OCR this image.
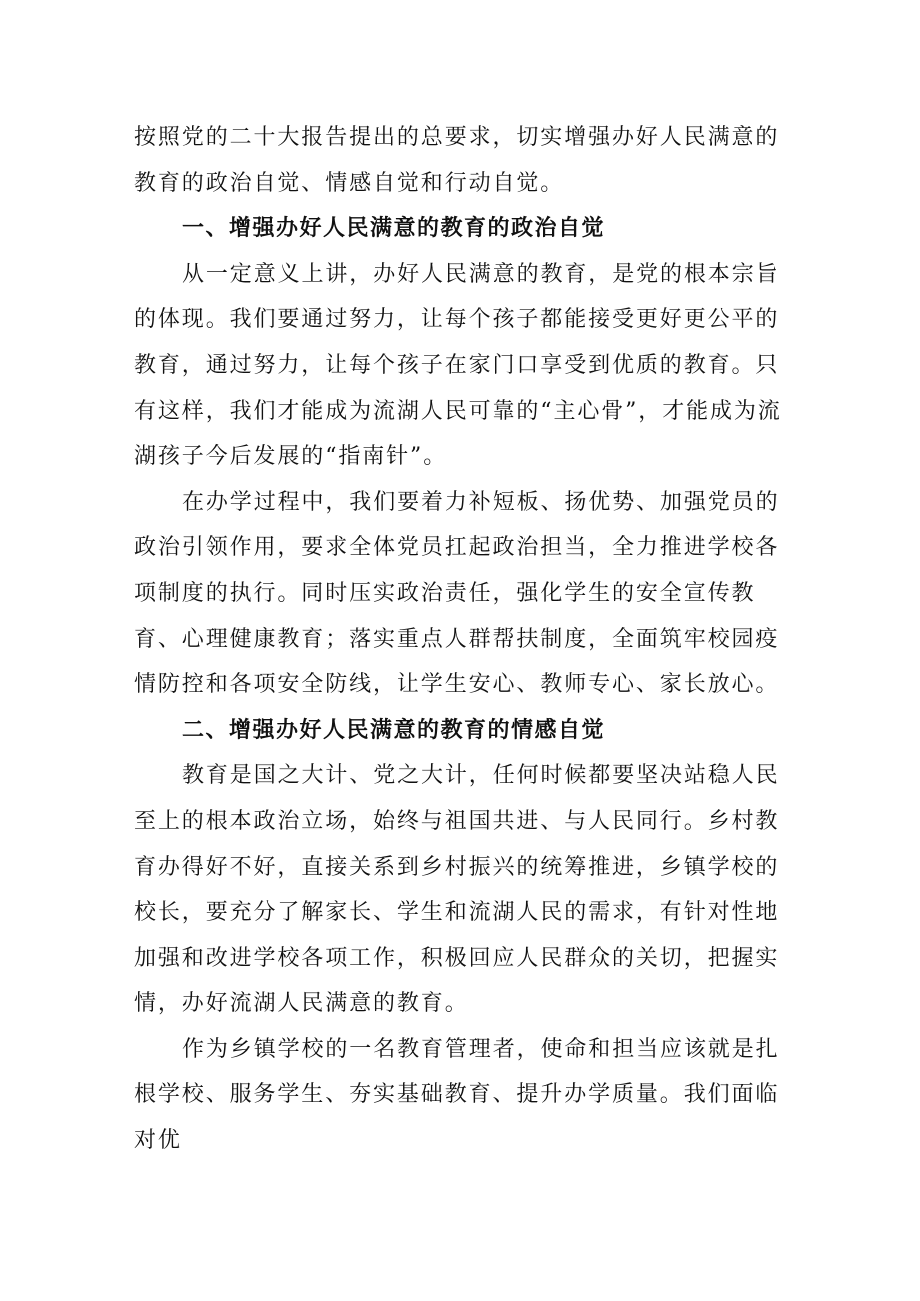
按照党的二十大报告提出的总要求，切实增强办好人民满意的教育的政治自觉、情感自觉和行动自觉。

一、增强办好人民满意的教育的政治自觉

从一定意义上讲，办好人民满意的教育，是党的根本宗旨的体现。我们要通过努力，让每个孩子都能接受更好更公平的教育，通过努力，让每个孩子在家门口享受到优质的教育。只有这样，我们才能成为流湖人民可靠的“主心骨”，才能成为流湖孩子今后发展的“指南针”。

在办学过程中，我们要着力补短板、扬优势、加强党员的政治引领作用，要求全体党员扛起政治担当，全力推进学校各项制度的执行。同时压实政治责任，强化学生的安全宣传教育、心理健康教育；落实重点人群帮扶制度，全面筑牢校园疫情防控和各项安全防线，让学生安心、教师专心、家长放心。

二、增强办好人民满意的教育的情感自觉

教育是国之大计、党之大计，任何时候都要坚决站稳人民至上的根本政治立场，始终与祖国共进、与人民同行。乡村教育办得好不好，直接关系到乡村振兴的统筹推进，乡镇学校的校长，要充分了解家长、学生和流湖人民的需求，有针对性地加强和改进学校各项工作，积极回应人民群众的关切，把握实情，办好流湖人民满意的教育。

作为乡镇学校的一名教育管理者，使命和担当应该就是扎根学校、服务学生、夯实基础教育、提升办学质量。我们面临对优
